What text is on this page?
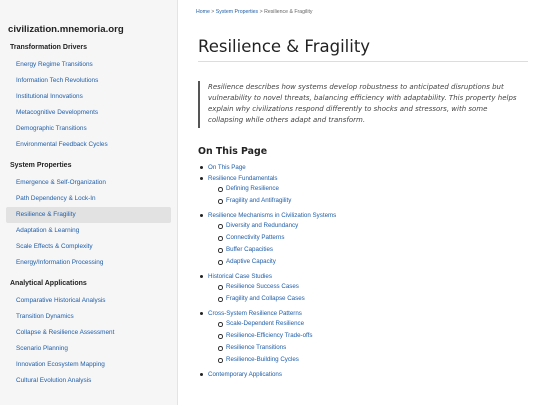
civilization.mnemoria.org
Transformation Drivers
Energy Regime Transitions
Information Tech Revolutions
Institutional Innovations
Metacognitive Developments
Demographic Transitions
Environmental Feedback Cycles
System Properties
Emergence & Self-Organization
Path Dependency & Lock-In
Resilience & Fragility
Adaptation & Learning
Scale Effects & Complexity
Energy/Information Processing
Analytical Applications
Comparative Historical Analysis
Transition Dynamics
Collapse & Resilience Assessment
Scenario Planning
Innovation Ecosystem Mapping
Cultural Evolution Analysis
Home > System Properties > Resilience & Fragility
Resilience & Fragility
Resilience describes how systems develop robustness to anticipated disruptions but vulnerability to novel threats, balancing efficiency with adaptability. This property helps explain why civilizations respond differently to shocks and stressors, with some collapsing while others adapt and transform.
On This Page
On This Page
Resilience Fundamentals
Defining Resilience
Fragility and Antifragility
Resilience Mechanisms in Civilization Systems
Diversity and Redundancy
Connectivity Patterns
Buffer Capacities
Adaptive Capacity
Historical Case Studies
Resilience Success Cases
Fragility and Collapse Cases
Cross-System Resilience Patterns
Scale-Dependent Resilience
Resilience-Efficiency Trade-offs
Resilience Transitions
Resilience-Building Cycles
Contemporary Applications
